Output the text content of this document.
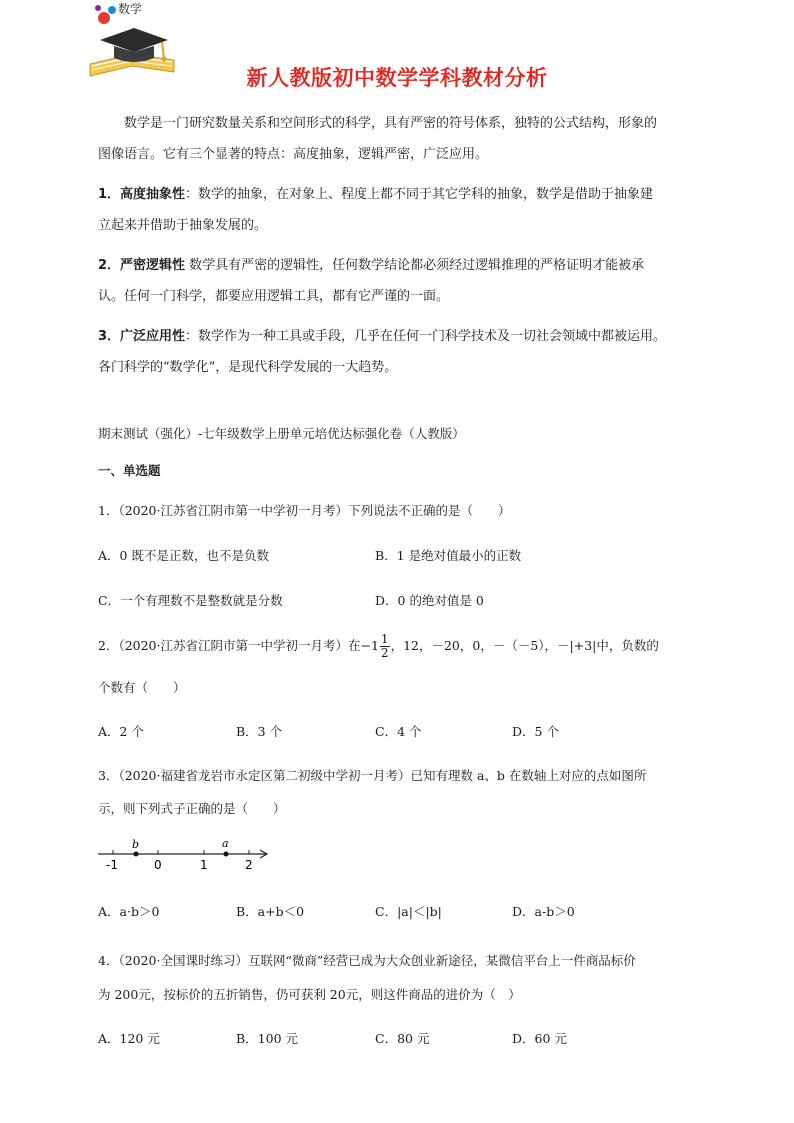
数学
新人教版初中数学学科教材分析
数学是一门研究数量关系和空间形式的科学，具有严密的符号体系，独特的公式结构，形象的
图像语言。它有三个显著的特点：高度抽象，逻辑严密，广泛应用。
1．高度抽象性：数学的抽象，在对象上、程度上都不同于其它学科的抽象，数学是借助于抽象建
立起来并借助于抽象发展的。
2．严密逻辑性 数学具有严密的逻辑性，任何数学结论都必须经过逻辑推理的严格证明才能被承
认。任何一门科学，都要应用逻辑工具，都有它严谨的一面。
3．广泛应用性：数学作为一种工具或手段，几乎在任何一门科学技术及一切社会领域中都被运用。
各门科学的“数学化”，是现代科学发展的一大趋势。
期末测试（强化）-七年级数学上册单元培优达标强化卷（人教版）
一、单选题
1．（2020·江苏省江阴市第一中学初一月考）下列说法不正确的是（　　）
A．0 既不是正数，也不是负数	B．1 是绝对值最小的正数
C．一个有理数不是整数就是分数	D．0 的绝对值是 0
2．（2020·江苏省江阴市第一中学初一月考）在$-1 \frac{1}{2}$ ，12，－20，0，－（－5），－|+3|中，负数的
个数有（　　）
A．2 个	B．3 个	C．4 个	D．5 个
3．（2020·福建省龙岩市永定区第二初级中学初一月考）已知有理数 a、b 在数轴上对应的点如图所
示，则下列式子正确的是（　　）
b	a
-1	0	1	2
A．a·b＞0	B．a+b＜0	C．|a|＜|b|	D．a-b＞0
4．（2020·全国课时练习）互联网“微商”经营已成为大众创业新途径，某微信平台上一件商品标价
为 200元，按标价的五折销售，仍可获利 20元，则这件商品的进价为（　）
A．120 元	B．100 元	C．80 元	D．60 元
